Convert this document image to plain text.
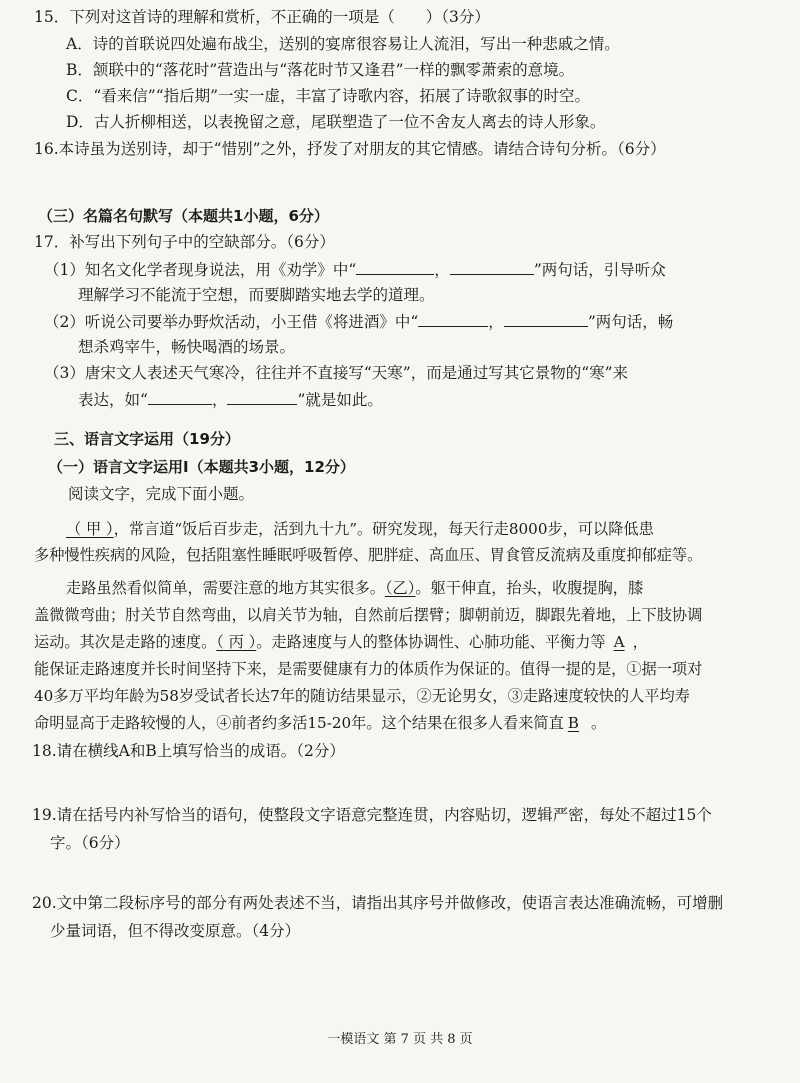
15．下列对这首诗的理解和赏析，不正确的一项是（　　）（3分）
A．诗的首联说四处遍布战尘，送别的宴席很容易让人流泪，写出一种悲戚之情。
B．颔联中的“落花时”营造出与“落花时节又逢君”一样的飘零萧索的意境。
C．“看来信”“指后期”一实一虚，丰富了诗歌内容，拓展了诗歌叙事的时空。
D．古人折柳相送，以表挽留之意，尾联塑造了一位不舍友人离去的诗人形象。
16.本诗虽为送别诗，却于“惜别”之外，抒发了对朋友的其它情感。请结合诗句分析。（6分）
（三）名篇名句默写（本题共1小题，6分）
17．补写出下列句子中的空缺部分。（6分）
（1）知名文化学者现身说法，用《劝学》中“	，	”两句话，引导听众
理解学习不能流于空想，而要脚踏实地去学的道理。
（2）听说公司要举办野炊活动，小王借《将进酒》中“	，	”两句话，畅
想杀鸡宰牛，畅快喝酒的场景。
（3）唐宋文人表述天气寒冷，往往并不直接写“天寒”，而是通过写其它景物的“寒”来
表达，如“	，	”就是如此。
三、语言文字运用（19分）
（一）语言文字运用Ⅰ（本题共3小题，12分）
阅读文字，完成下面小题。
（ 甲 ），常言道“饭后百步走，活到九十九”。研究发现，每天行走8000步，可以降低患
多种慢性疾病的风险，包括阻塞性睡眠呼吸暂停、肥胖症、高血压、胃食管反流病及重度抑郁症等。
走路虽然看似简单，需要注意的地方其实很多。（乙）。躯干伸直，抬头，收腹提胸，膝
盖微微弯曲；肘关节自然弯曲，以肩关节为轴，自然前后摆臂；脚朝前迈，脚跟先着地，上下肢协调
运动。其次是走路的速度。（ 丙 ）。走路速度与人的整体协调性、心肺功能、平衡力等 A ，
能保证走路速度并长时间坚持下来，是需要健康有力的体质作为保证的。值得一提的是，①据一项对
40多万平均年龄为58岁受试者长达7年的随访结果显示，②无论男女，③走路速度较快的人平均寿
命明显高于走路较慢的人，④前者约多活15-20年。这个结果在很多人看来简直 B 。
18.请在横线A和B上填写恰当的成语。（2分）
19.请在括号内补写恰当的语句，使整段文字语意完整连贯，内容贴切，逻辑严密，每处不超过15个
字。（6分）
20.文中第二段标序号的部分有两处表述不当，请指出其序号并做修改，使语言表达准确流畅，可增删
少量词语，但不得改变原意。（4分）
一模语文 第 7 页 共 8 页
